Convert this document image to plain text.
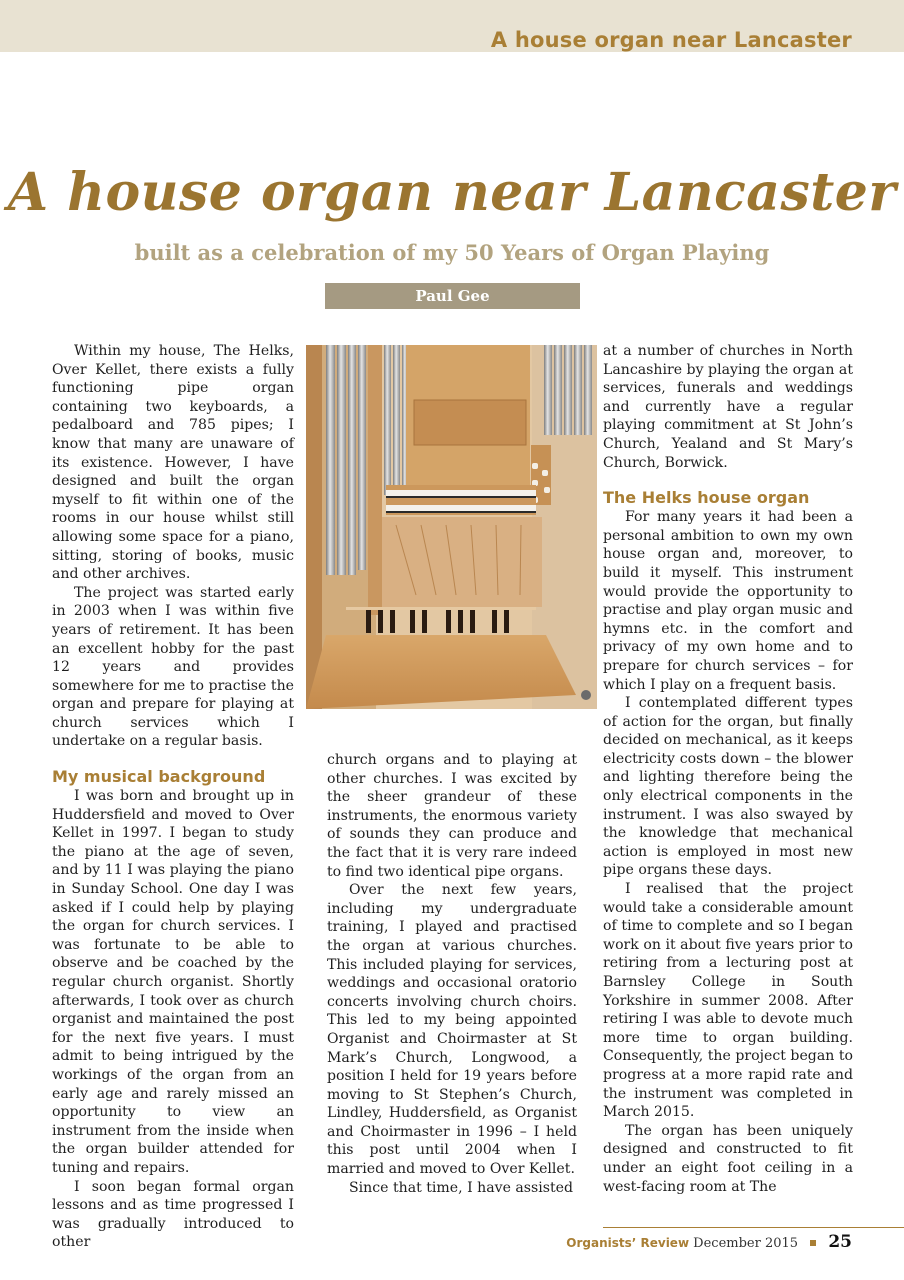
A house organ near Lancaster
A house organ near Lancaster
built as a celebration of my 50 Years of Organ Playing
Paul Gee

Within my house, The Helks, Over Kellet, there exists a fully functioning pipe organ containing two keyboards, a pedalboard and 785 pipes; I know that many are unaware of its existence. However, I have designed and built the organ myself to fit within one of the rooms in our house whilst still allowing some space for a piano, sitting, storing of books, music and other archives.

The project was started early in 2003 when I was within five years of retirement. It has been an excellent hobby for the past 12 years and provides somewhere for me to practise the organ and prepare for playing at church services which I undertake on a regular basis.

My musical background

I was born and brought up in Huddersfield and moved to Over Kellet in 1997. I began to study the piano at the age of seven, and by 11 I was playing the piano in Sunday School. One day I was asked if I could help by playing the organ for church services. I was fortunate to be able to observe and be coached by the regular church organist. Shortly afterwards, I took over as church organist and maintained the post for the next five years. I must admit to being intrigued by the workings of the organ from an early age and rarely missed an opportunity to view an instrument from the inside when the organ builder attended for tuning and repairs.

I soon began formal organ lessons and as time progressed I was gradually introduced to other

church organs and to playing at other churches. I was excited by the sheer grandeur of these instruments, the enormous variety of sounds they can produce and the fact that it is very rare indeed to find two identical pipe organs.

Over the next few years, including my undergraduate training, I played and practised the organ at various churches. This included playing for services, weddings and occasional oratorio concerts involving church choirs. This led to my being appointed Organist and Choirmaster at St Mark’s Church, Longwood, a position I held for 19 years before moving to St Stephen’s Church, Lindley, Huddersfield, as Organist and Choirmaster in 1996 – I held this post until 2004 when I married and moved to Over Kellet.

Since that time, I have assisted

at a number of churches in North Lancashire by playing the organ at services, funerals and weddings and currently have a regular playing commitment at St John’s Church, Yealand and St Mary’s Church, Borwick.

The Helks house organ

For many years it had been a personal ambition to own my own house organ and, moreover, to build it myself. This instrument would provide the opportunity to practise and play organ music and hymns etc. in the comfort and privacy of my own home and to prepare for church services – for which I play on a frequent basis.

I contemplated different types of action for the organ, but finally decided on mechanical, as it keeps electricity costs down – the blower and lighting therefore being the only electrical components in the instrument. I was also swayed by the knowledge that mechanical action is employed in most new pipe organs these days.

I realised that the project would take a considerable amount of time to complete and so I began work on it about five years prior to retiring from a lecturing post at Barnsley College in South Yorkshire in summer 2008. After retiring I was able to devote much more time to organ building. Consequently, the project began to progress at a more rapid rate and the instrument was completed in March 2015.

The organ has been uniquely designed and constructed to fit under an eight foot ceiling in a west-facing room at The

Organists’ Review December 2015 25
